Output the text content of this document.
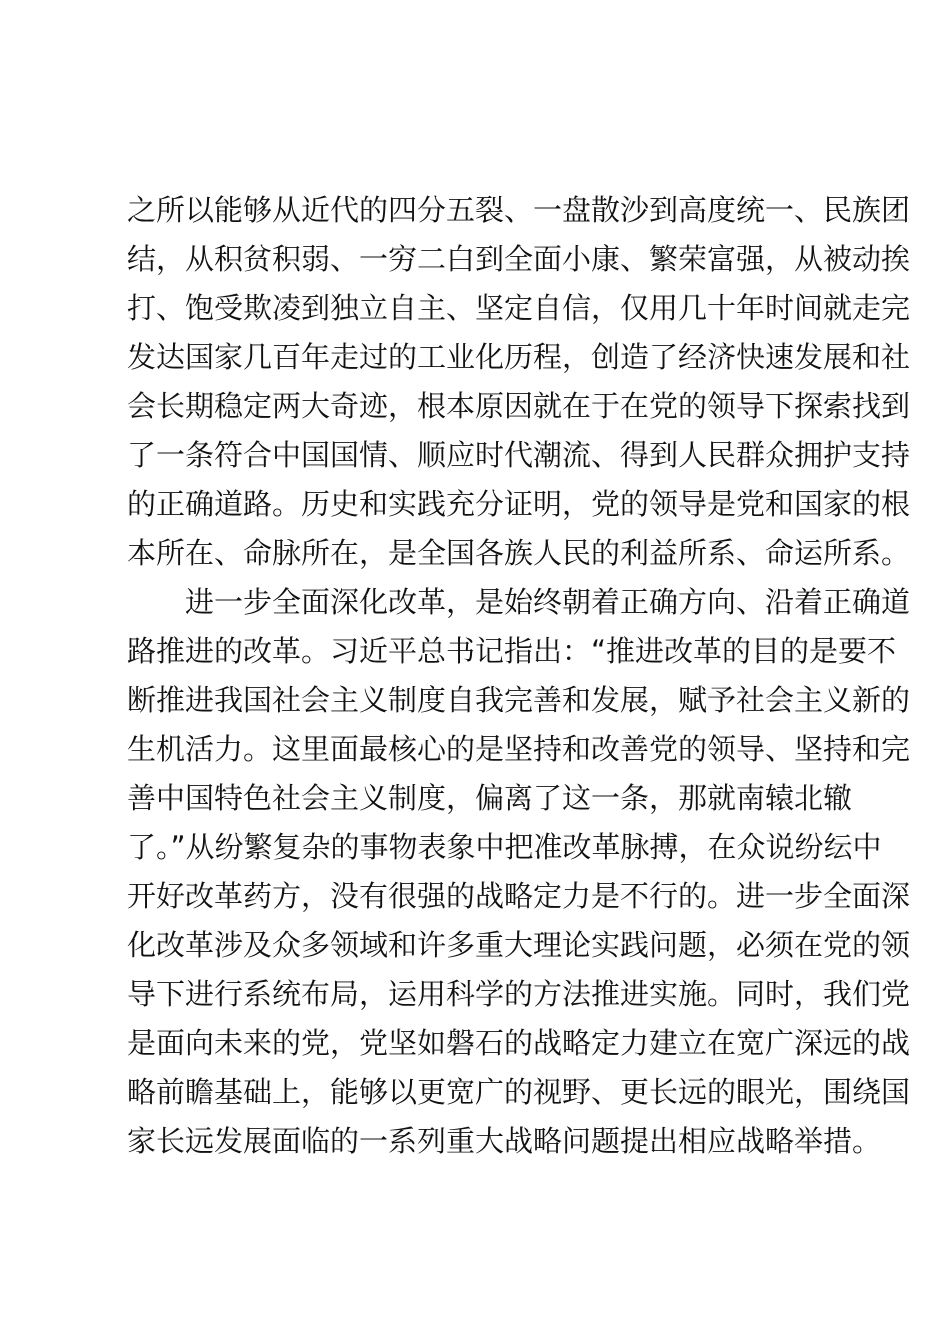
之所以能够从近代的四分五裂、一盘散沙到高度统一、民族团
结，从积贫积弱、一穷二白到全面小康、繁荣富强，从被动挨
打、饱受欺凌到独立自主、坚定自信，仅用几十年时间就走完
发达国家几百年走过的工业化历程，创造了经济快速发展和社
会长期稳定两大奇迹，根本原因就在于在党的领导下探索找到
了一条符合中国国情、顺应时代潮流、得到人民群众拥护支持
的正确道路。历史和实践充分证明，党的领导是党和国家的根
本所在、命脉所在，是全国各族人民的利益所系、命运所系。
进一步全面深化改革，是始终朝着正确方向、沿着正确道
路推进的改革。习近平总书记指出：“推进改革的目的是要不
断推进我国社会主义制度自我完善和发展，赋予社会主义新的
生机活力。这里面最核心的是坚持和改善党的领导、坚持和完
善中国特色社会主义制度，偏离了这一条，那就南辕北辙
了。”从纷繁复杂的事物表象中把准改革脉搏，在众说纷纭中
开好改革药方，没有很强的战略定力是不行的。进一步全面深
化改革涉及众多领域和许多重大理论实践问题，必须在党的领
导下进行系统布局，运用科学的方法推进实施。同时，我们党
是面向未来的党，党坚如磐石的战略定力建立在宽广深远的战
略前瞻基础上，能够以更宽广的视野、更长远的眼光，围绕国
家长远发展面临的一系列重大战略问题提出相应战略举措。
